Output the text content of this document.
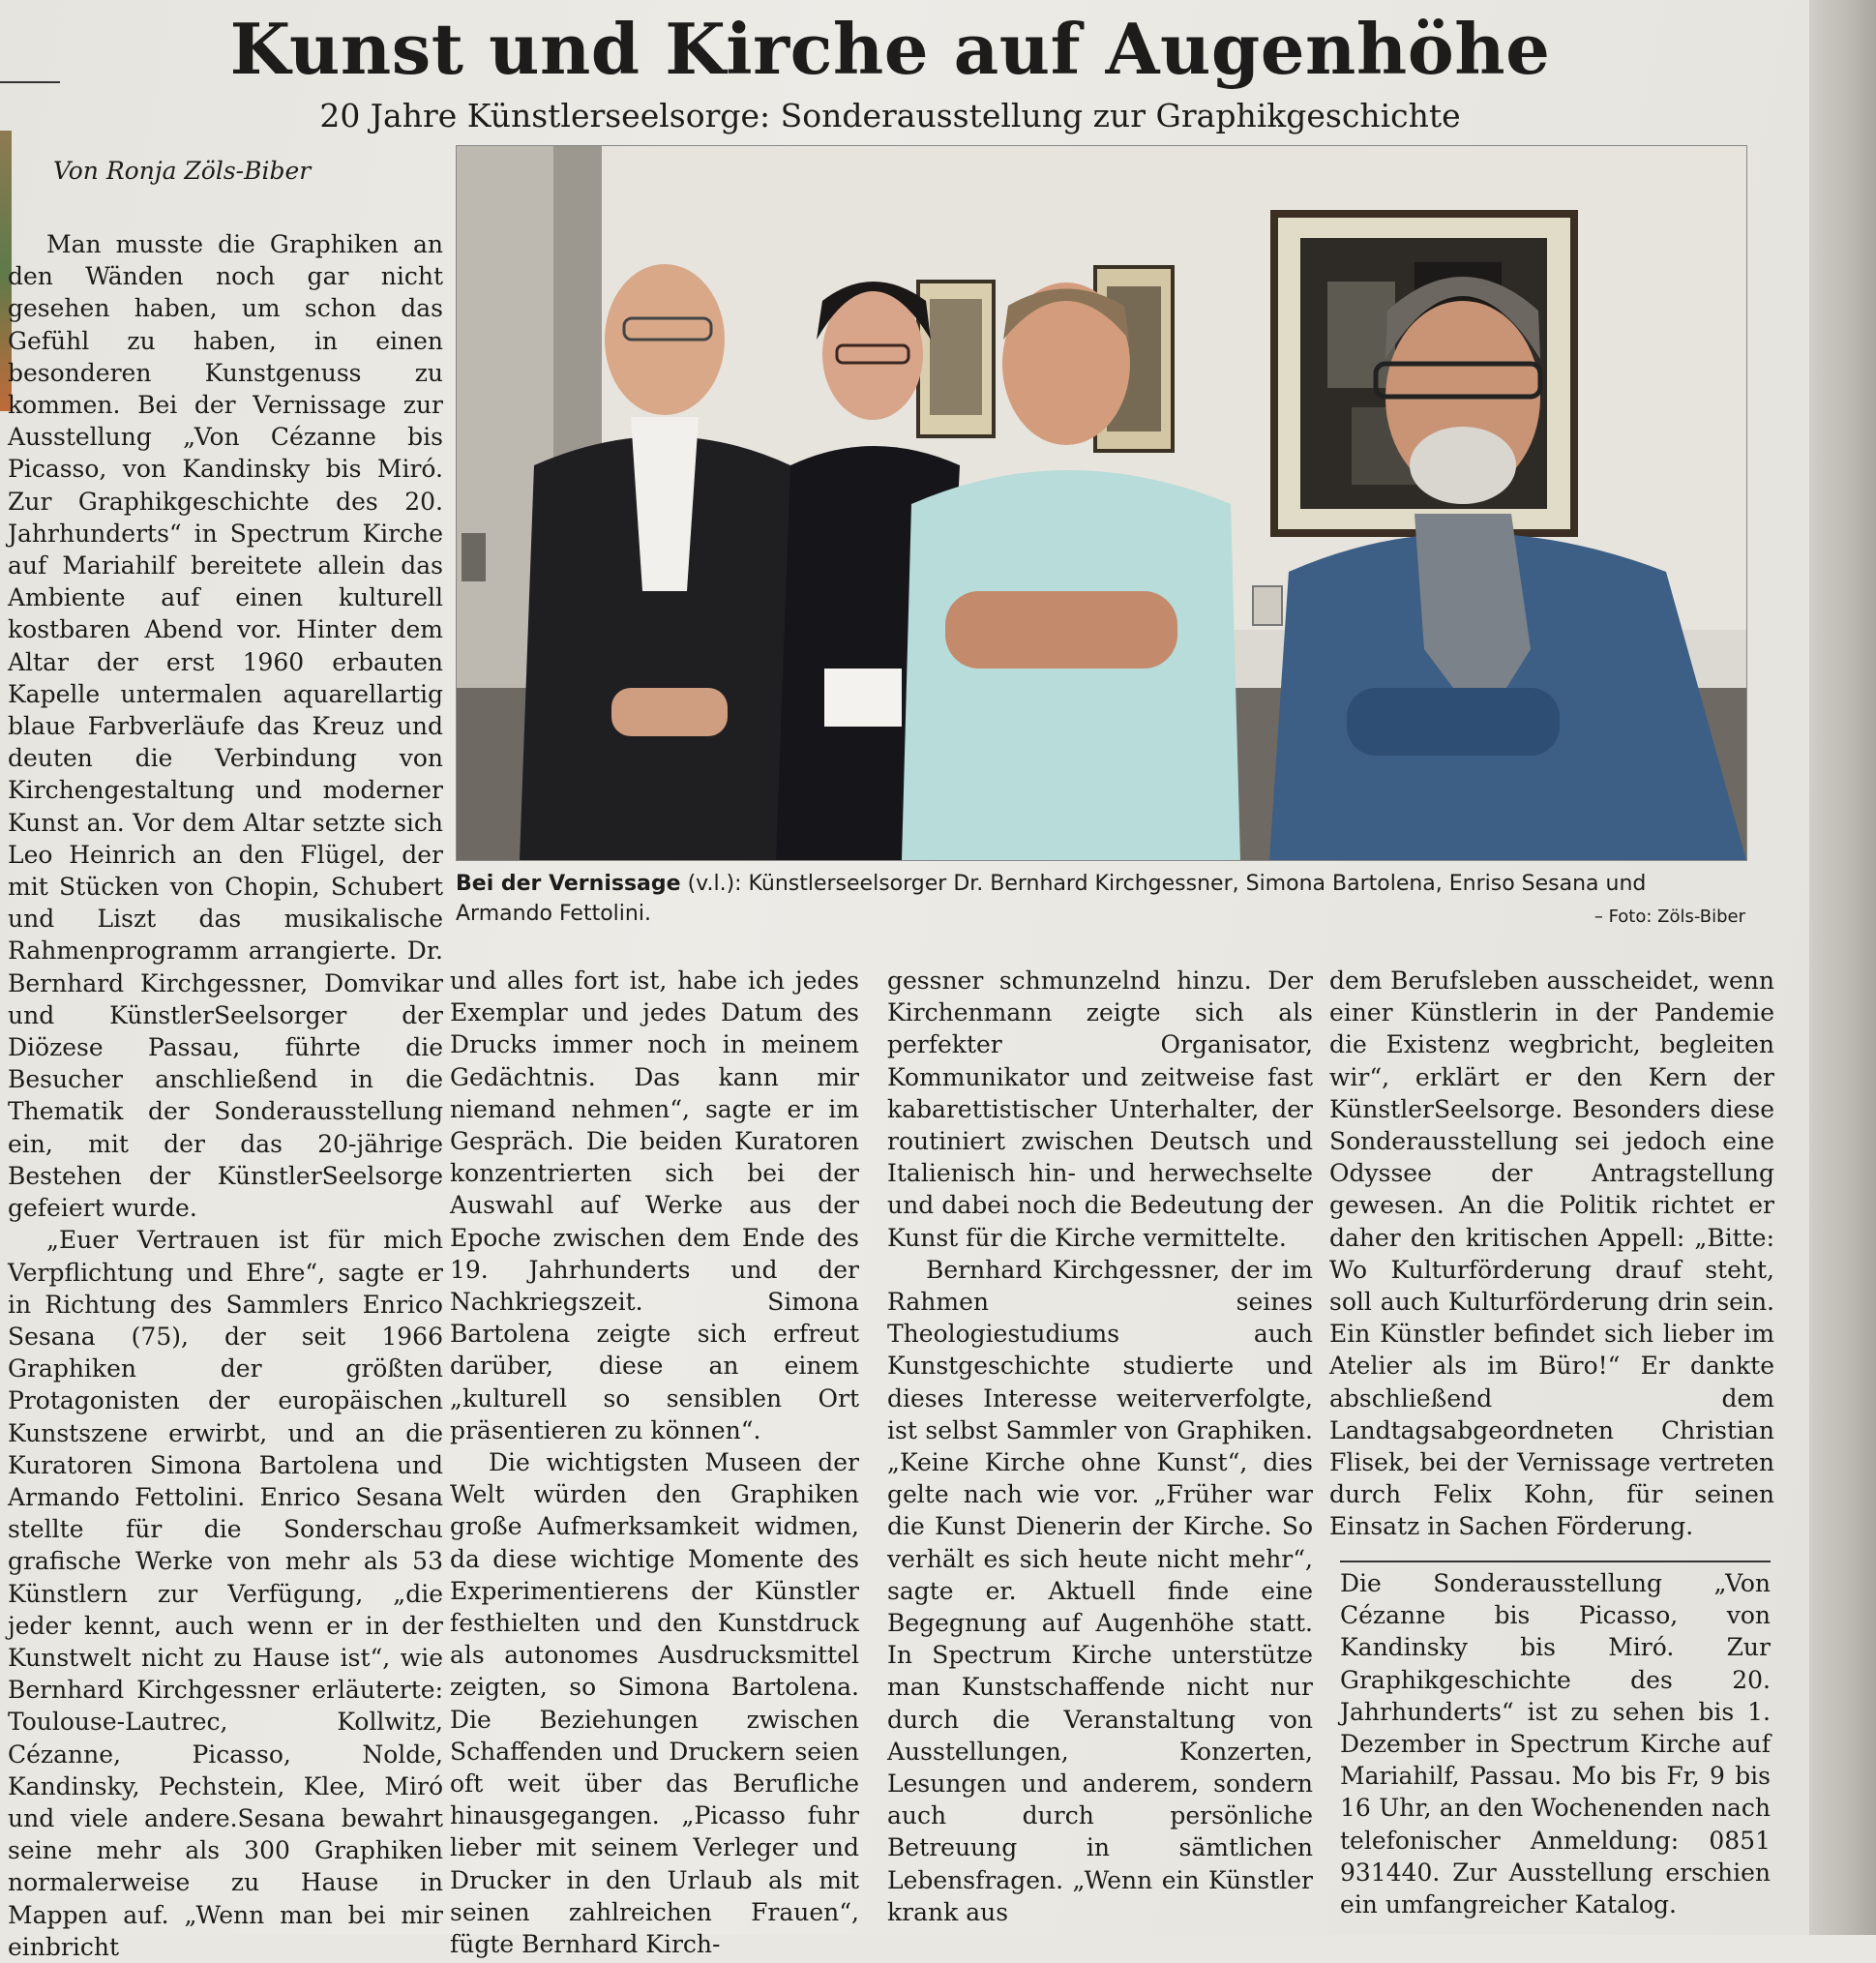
Kunst und Kirche auf Augenhöhe
20 Jahre Künstlerseelsorge: Sonderausstellung zur Graphikgeschichte
Von Ronja Zöls-Biber
Bei der Vernissage (v.l.): Künstlerseelsorger Dr. Bernhard Kirchgessner, Simona Bartolena, Enriso Sesana und Armando Fettolini.	– Foto: Zöls-Biber

Man musste die Graphiken an den Wänden noch gar nicht gesehen haben, um schon das Gefühl zu haben, in einen besonderen Kunstgenuss zu kommen. Bei der Vernissage zur Ausstellung „Von Cézanne bis Picasso, von Kandinsky bis Miró. Zur Graphikgeschichte des 20. Jahrhunderts“ in Spectrum Kirche auf Mariahilf bereitete allein das Ambiente auf einen kulturell kostbaren Abend vor. Hinter dem Altar der erst 1960 erbauten Kapelle untermalen aquarellartig blaue Farbverläufe das Kreuz und deuten die Verbindung von Kirchengestaltung und moderner Kunst an. Vor dem Altar setzte sich Leo Heinrich an den Flügel, der mit Stücken von Chopin, Schubert und Liszt das musikalische Rahmenprogramm arrangierte. Dr. Bernhard Kirchgessner, Domvikar und KünstlerSeelsorger der Diözese Passau, führte die Besucher anschließend in die Thematik der Sonderausstellung ein, mit der das 20-jährige Bestehen der KünstlerSeelsorge gefeiert wurde.

„Euer Vertrauen ist für mich Verpflichtung und Ehre“, sagte er in Richtung des Sammlers Enrico Sesana (75), der seit 1966 Graphiken der größten Protagonisten der europäischen Kunstszene erwirbt, und an die Kuratoren Simona Bartolena und Armando Fettolini. Enrico Sesana stellte für die Sonderschau grafische Werke von mehr als 53 Künstlern zur Verfügung, „die jeder kennt, auch wenn er in der Kunstwelt nicht zu Hause ist“, wie Bernhard Kirchgessner erläuterte: Toulouse-Lautrec, Kollwitz, Cézanne, Picasso, Nolde, Kandinsky, Pechstein, Klee, Miró und viele andere.Sesana bewahrt seine mehr als 300 Graphiken normalerweise zu Hause in Mappen auf. „Wenn man bei mir einbricht

und alles fort ist, habe ich jedes Exemplar und jedes Datum des Drucks immer noch in meinem Gedächtnis. Das kann mir niemand nehmen“, sagte er im Gespräch. Die beiden Kuratoren konzentrierten sich bei der Auswahl auf Werke aus der Epoche zwischen dem Ende des 19. Jahrhunderts und der Nachkriegszeit. Simona Bartolena zeigte sich erfreut darüber, diese an einem „kulturell so sensiblen Ort präsentieren zu können“.

Die wichtigsten Museen der Welt würden den Graphiken große Aufmerksamkeit widmen, da diese wichtige Momente des Experimentierens der Künstler festhielten und den Kunstdruck als autonomes Ausdrucksmittel zeigten, so Simona Bartolena. Die Beziehungen zwischen Schaffenden und Druckern seien oft weit über das Berufliche hinausgegangen. „Picasso fuhr lieber mit seinem Verleger und Drucker in den Urlaub als mit seinen zahlreichen Frauen“, fügte Bernhard Kirch-

gessner schmunzelnd hinzu. Der Kirchenmann zeigte sich als perfekter Organisator, Kommunikator und zeitweise fast kabarettistischer Unterhalter, der routiniert zwischen Deutsch und Italienisch hin- und herwechselte und dabei noch die Bedeutung der Kunst für die Kirche vermittelte.

Bernhard Kirchgessner, der im Rahmen seines Theologiestudiums auch Kunstgeschichte studierte und dieses Interesse weiterverfolgte, ist selbst Sammler von Graphiken. „Keine Kirche ohne Kunst“, dies gelte nach wie vor. „Früher war die Kunst Dienerin der Kirche. So verhält es sich heute nicht mehr“, sagte er. Aktuell finde eine Begegnung auf Augenhöhe statt. In Spectrum Kirche unterstütze man Kunstschaffende nicht nur durch die Veranstaltung von Ausstellungen, Konzerten, Lesungen und anderem, sondern auch durch persönliche Betreuung in sämtlichen Lebensfragen. „Wenn ein Künstler krank aus

dem Berufsleben ausscheidet, wenn einer Künstlerin in der Pandemie die Existenz wegbricht, begleiten wir“, erklärt er den Kern der KünstlerSeelsorge. Besonders diese Sonderausstellung sei jedoch eine Odyssee der Antragstellung gewesen. An die Politik richtet er daher den kritischen Appell: „Bitte: Wo Kulturförderung drauf steht, soll auch Kulturförderung drin sein. Ein Künstler befindet sich lieber im Atelier als im Büro!“ Er dankte abschließend dem Landtagsabgeordneten Christian Flisek, bei der Vernissage vertreten durch Felix Kohn, für seinen Einsatz in Sachen Förderung.

Die Sonderausstellung „Von Cézanne bis Picasso, von Kandinsky bis Miró. Zur Graphikgeschichte des 20. Jahrhunderts“ ist zu sehen bis 1. Dezember in Spectrum Kirche auf Mariahilf, Passau. Mo bis Fr, 9 bis 16 Uhr, an den Wochenenden nach telefonischer Anmeldung: 0851 931440. Zur Ausstellung erschien ein umfangreicher Katalog.
